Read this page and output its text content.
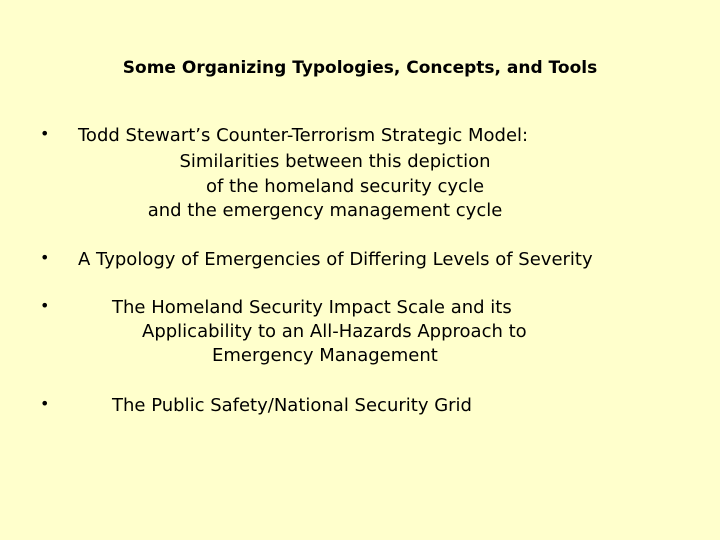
Some Organizing Typologies, Concepts, and Tools
• Todd Stewart’s Counter-Terrorism Strategic Model:
Similarities between this depiction
of the homeland security cycle
and the emergency management cycle
• A Typology of Emergencies of Differing Levels of Severity
•	The Homeland Security Impact Scale and its
Applicability to an All-Hazards Approach to
Emergency Management
•	The Public Safety/National Security Grid
